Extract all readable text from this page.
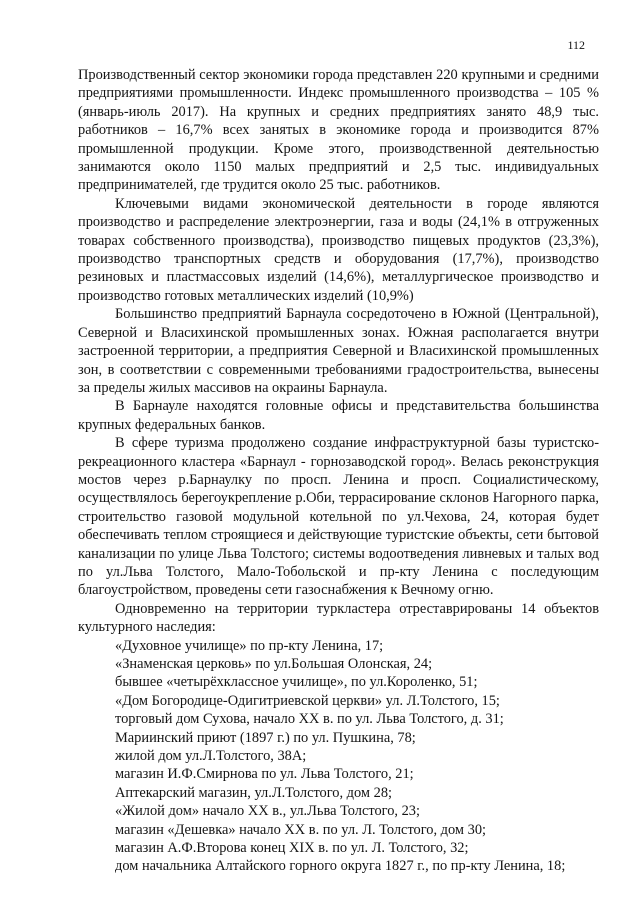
112

Производственный сектор экономики города представлен 220 крупными и средними предприятиями промышленности. Индекс промышленного производства – 105 %(январь-июль 2017). На крупных и средних предприятиях занято 48,9 тыс. работников – 16,7% всех занятых в экономике города и производится 87% промышленной продукции. Кроме этого, производственной деятельностью занимаются около 1150 малых предприятий и 2,5 тыс. индивидуальных предпринимателей, где трудится около 25 тыс. работников.

Ключевыми видами экономической деятельности в городе являются производство и распределение электроэнергии, газа и воды (24,1% в отгруженных товарах собственного производства), производство пищевых продуктов (23,3%), производство транспортных средств и оборудования (17,7%), производство резиновых и пластмассовых изделий (14,6%), металлургическое производство и производство готовых металлических изделий (10,9%)

Большинство предприятий Барнаула сосредоточено в Южной (Центральной), Северной и Власихинской промышленных зонах. Южная располагается внутри застроенной территории, а предприятия Северной и Власихинской промышленных зон, в соответствии с современными требованиями градостроительства, вынесены за пределы жилых массивов на окраины Барнаула.

В Барнауле находятся головные офисы и представительства большинства крупных федеральных банков.

В сфере туризма продолжено создание инфраструктурной базы туристско-рекреационного кластера «Барнаул - горнозаводской город». Велась реконструкция мостов через р.Барнаулку по просп. Ленина и просп. Социалистическому, осуществлялось берегоукрепление р.Оби, террасирование склонов Нагорного парка, строительство газовой модульной котельной по ул.Чехова, 24, которая будет обеспечивать теплом строящиеся и действующие туристские объекты, сети бытовой канализации по улице Льва Толстого; системы водоотведения ливневых и талых вод по ул.Льва Толстого, Мало-Тобольской и пр-кту Ленина с последующим благоустройством, проведены сети газоснабжения к Вечному огню.

Одновременно на территории туркластера отреставрированы 14 объектов культурного наследия:

«Духовное училище» по пр-кту Ленина, 17;
«Знаменская церковь» по ул.Большая Олонская, 24;
бывшее «четырёхклассное училище», по ул.Короленко, 51;
«Дом Богородице-Одигитриевской церкви» ул. Л.Толстого, 15;
торговый дом Сухова, начало XX в. по ул. Льва Толстого, д. 31;
Мариинский приют (1897 г.) по ул. Пушкина, 78;
жилой дом ул.Л.Толстого, 38А;
магазин И.Ф.Смирнова по ул. Льва Толстого, 21;
Аптекарский магазин, ул.Л.Толстого, дом 28;
«Жилой дом» начало XX в., ул.Льва Толстого, 23;
магазин «Дешевка» начало XX в. по ул. Л. Толстого, дом 30;
магазин А.Ф.Второва конец XIX в. по ул. Л. Толстого, 32;
дом начальника Алтайского горного округа 1827 г., по пр-кту Ленина, 18;
